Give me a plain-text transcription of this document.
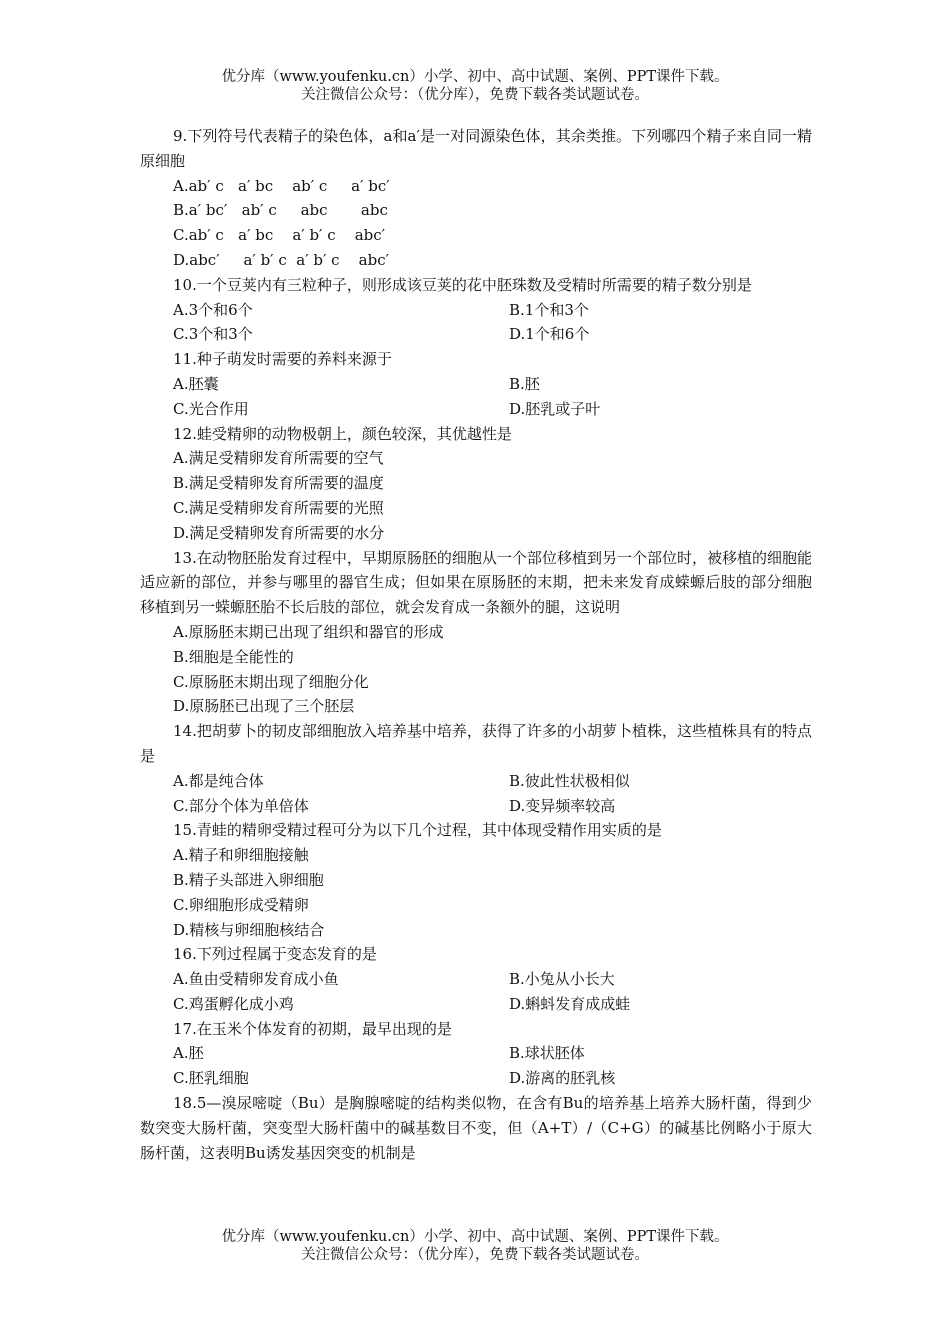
优分库（www.youfenku.cn）小学、初中、高中试题、案例、PPT课件下载。
关注微信公众号：（优分库），免费下载各类试题试卷。

9.下列符号代表精子的染色体，a和a′是一对同源染色体，其余类推。下列哪四个精子来自同一精原细胞

A.ab′ c   a′ bc    ab′ c     a′ bc′

B.a′ bc′   ab′ c     abc       abc

C.ab′ c   a′ bc    a′ b′ c    abc′

D.abc′     a′ b′ c  a′ b′ c    abc′

10.一个豆荚内有三粒种子，则形成该豆荚的花中胚珠数及受精时所需要的精子数分别是

A.3个和6个	B.1个和3个
C.3个和3个	D.1个和6个

11.种子萌发时需要的养料来源于

A.胚囊	B.胚
C.光合作用	D.胚乳或子叶

12.蛙受精卵的动物极朝上，颜色较深，其优越性是

A.满足受精卵发育所需要的空气

B.满足受精卵发育所需要的温度

C.满足受精卵发育所需要的光照

D.满足受精卵发育所需要的水分

13.在动物胚胎发育过程中，早期原肠胚的细胞从一个部位移植到另一个部位时，被移植的细胞能适应新的部位，并参与哪里的器官生成；但如果在原肠胚的末期，把未来发育成蝾螈后肢的部分细胞移植到另一蝾螈胚胎不长后肢的部位，就会发育成一条额外的腿，这说明

A.原肠胚末期已出现了组织和器官的形成

B.细胞是全能性的

C.原肠胚末期出现了细胞分化

D.原肠胚已出现了三个胚层

14.把胡萝卜的韧皮部细胞放入培养基中培养，获得了许多的小胡萝卜植株，这些植株具有的特点是

A.都是纯合体	B.彼此性状极相似
C.部分个体为单倍体	D.变异频率较高

15.青蛙的精卵受精过程可分为以下几个过程，其中体现受精作用实质的是

A.精子和卵细胞接触

B.精子头部进入卵细胞

C.卵细胞形成受精卵

D.精核与卵细胞核结合

16.下列过程属于变态发育的是

A.鱼由受精卵发育成小鱼	B.小兔从小长大
C.鸡蛋孵化成小鸡	D.蝌蚪发育成成蛙

17.在玉米个体发育的初期，最早出现的是

A.胚	B.球状胚体
C.胚乳细胞	D.游离的胚乳核

18.5—溴尿嘧啶（Bu）是胸腺嘧啶的结构类似物，在含有Bu的培养基上培养大肠杆菌，得到少数突变大肠杆菌，突变型大肠杆菌中的碱基数目不变，但（A+T）/（C+G）的碱基比例略小于原大肠杆菌，这表明Bu诱发基因突变的机制是

优分库（www.youfenku.cn）小学、初中、高中试题、案例、PPT课件下载。
关注微信公众号：（优分库），免费下载各类试题试卷。
